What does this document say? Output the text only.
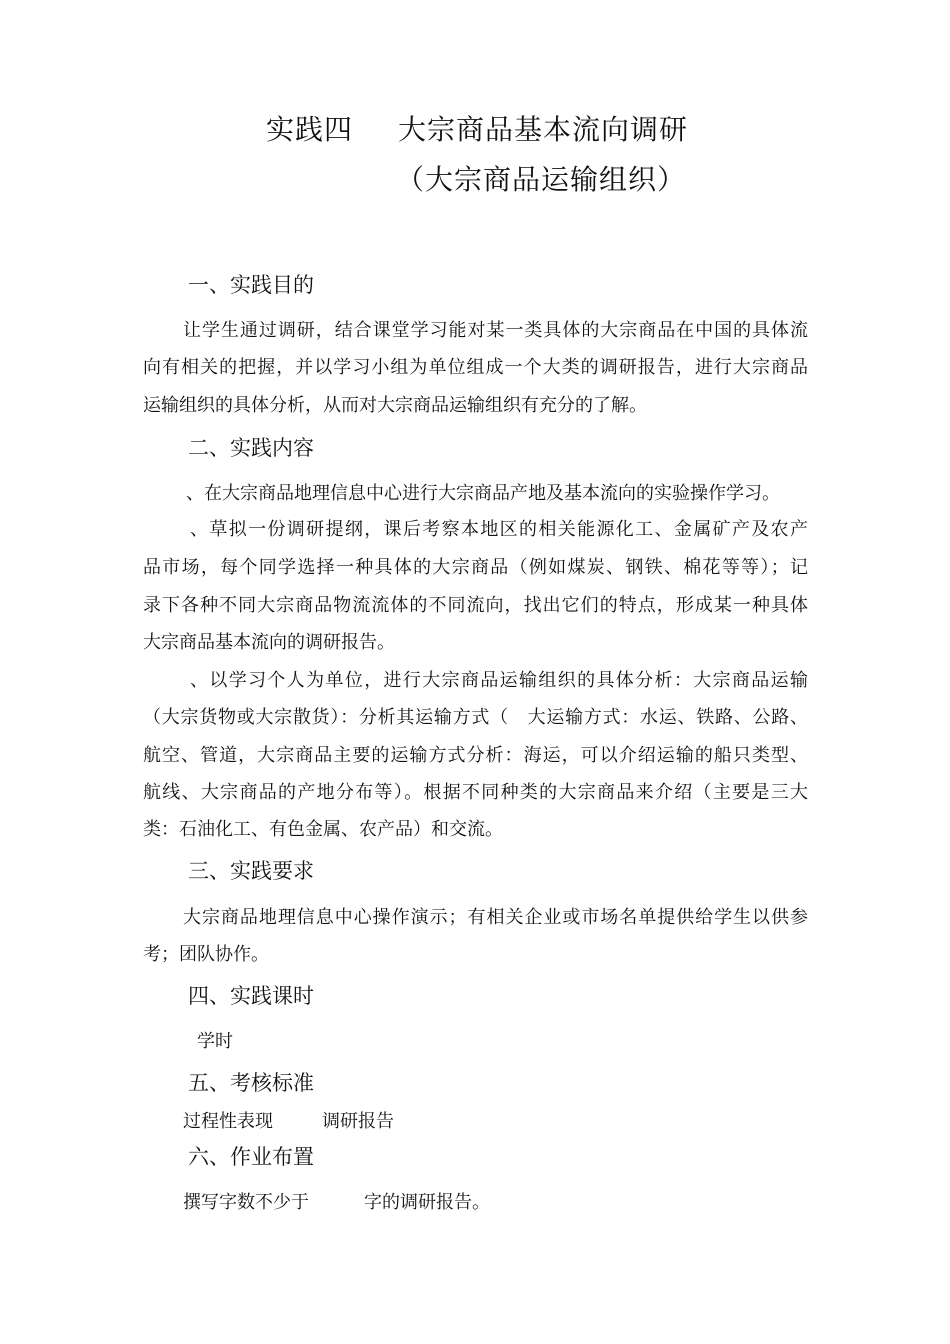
实践四 大宗商品基本流向调研
（大宗商品运输组织）
一、实践目的
让学生通过调研，结合课堂学习能对某一类具体的大宗商品在中国的具体流
向有相关的把握，并以学习小组为单位组成一个大类的调研报告，进行大宗商品
运输组织的具体分析，从而对大宗商品运输组织有充分的了解。
二、实践内容
、在大宗商品地理信息中心进行大宗商品产地及基本流向的实验操作学习。
、草拟一份调研提纲，课后考察本地区的相关能源化工、金属矿产及农产
品市场，每个同学选择一种具体的大宗商品（例如煤炭、钢铁、棉花等等）；记
录下各种不同大宗商品物流流体的不同流向，找出它们的特点，形成某一种具体
大宗商品基本流向的调研报告。
、以学习个人为单位，进行大宗商品运输组织的具体分析：大宗商品运输
（大宗货物或大宗散货）：分析其运输方式（　大运输方式：水运、铁路、公路、
航空、管道，大宗商品主要的运输方式分析：海运，可以介绍运输的船只类型、
航线、大宗商品的产地分布等）。根据不同种类的大宗商品来介绍（主要是三大
类：石油化工、有色金属、农产品）和交流。
三、实践要求
大宗商品地理信息中心操作演示；有相关企业或市场名单提供给学生以供参
考；团队协作。
四、实践课时
学时
五、考核标准
过程性表现	调研报告
六、作业布置
撰写字数不少于	字的调研报告。
